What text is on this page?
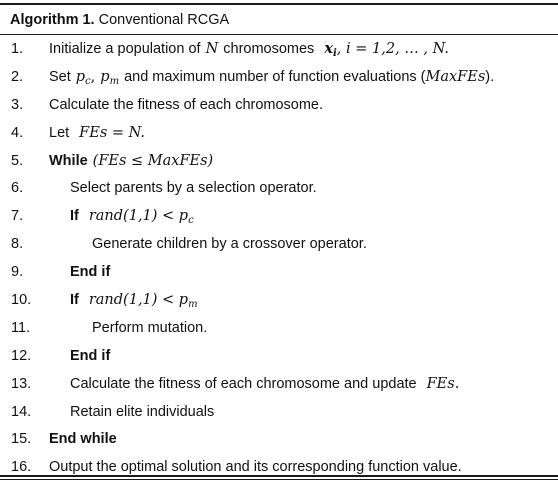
Algorithm 1. Conventional RCGA
1.	Initialize a population of N chromosomes $x_i$ , i = 1,2, … , N.
2.	Set $p_c$ , $p_m$ and maximum number of function evaluations ( MaxFEs ).
3.	Calculate the fitness of each chromosome.
4.	Let FEs = N.
5.	While (FEs ≤ MaxFEs)
6.	Select parents by a selection operator.
7.	If rand(1,1) < $p_c$
8.	Generate children by a crossover operator.
9.	End if
10.	If rand(1,1) < $p_m$
11.	Perform mutation.
12.	End if
13.	Calculate the fitness of each chromosome and update FEs.
14.	Retain elite individuals
15.	End while
16.	Output the optimal solution and its corresponding function value.
